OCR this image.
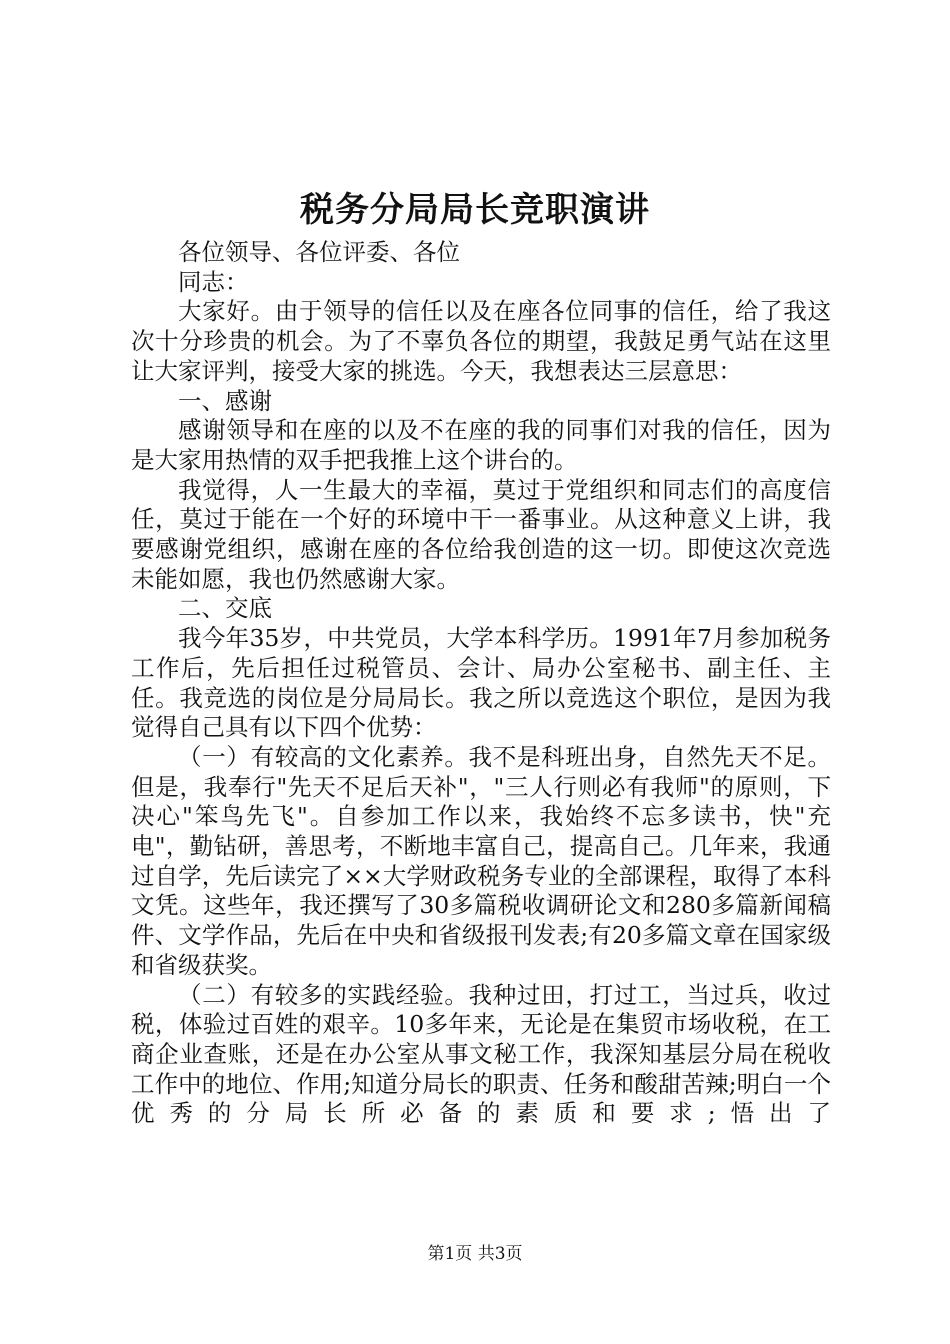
税务分局局长竞职演讲

各位领导、各位评委、各位

同志：

大家好。由于领导的信任以及在座各位同事的信任，给了我这次十分珍贵的机会。为了不辜负各位的期望，我鼓足勇气站在这里让大家评判，接受大家的挑选。今天，我想表达三层意思：

一、感谢

感谢领导和在座的以及不在座的我的同事们对我的信任，因为是大家用热情的双手把我推上这个讲台的。

我觉得，人一生最大的幸福，莫过于党组织和同志们的高度信任，莫过于能在一个好的环境中干一番事业。从这种意义上讲，我要感谢党组织，感谢在座的各位给我创造的这一切。即使这次竞选未能如愿，我也仍然感谢大家。

二、交底

我今年35岁，中共党员，大学本科学历。1991年7月参加税务工作后，先后担任过税管员、会计、局办公室秘书、副主任、主任。我竞选的岗位是分局局长。我之所以竞选这个职位，是因为我觉得自己具有以下四个优势：

（一）有较高的文化素养。我不是科班出身，自然先天不足。但是，我奉行"先天不足后天补"，"三人行则必有我师"的原则，下决心"笨鸟先飞"。自参加工作以来，我始终不忘多读书，快"充电"，勤钻研，善思考，不断地丰富自己，提高自己。几年来，我通过自学，先后读完了××大学财政税务专业的全部课程，取得了本科文凭。这些年，我还撰写了30多篇税收调研论文和280多篇新闻稿件、文学作品，先后在中央和省级报刊发表;有20多篇文章在国家级和省级获奖。

（二）有较多的实践经验。我种过田，打过工，当过兵，收过税，体验过百姓的艰辛。10多年来，无论是在集贸市场收税，在工商企业查账，还是在办公室从事文秘工作，我深知基层分局在税收工作中的地位、作用;知道分局长的职责、任务和酸甜苦辣;明白一个优秀的分局长所必备的素质和要求;悟出了

第1页 共3页
